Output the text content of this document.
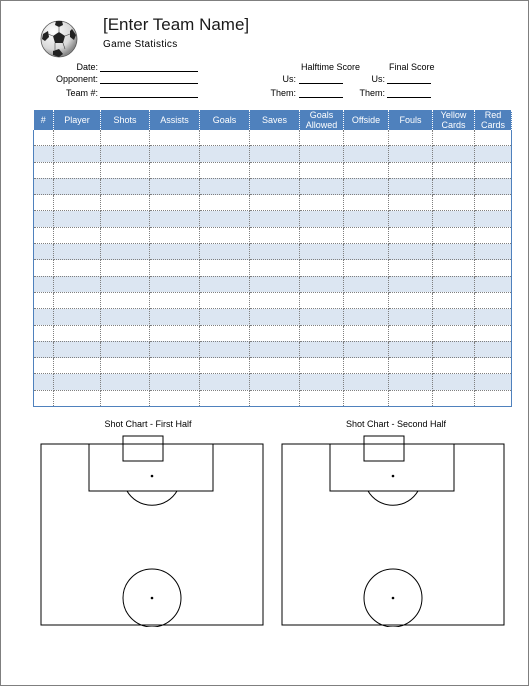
[Enter Team Name]
Game Statistics
Date:
Opponent:
Team #:
Halftime Score
Us:
Them:
Final Score
Us:
Them:
#	Player	Shots	Assists	Goals	Saves	Goals Allowed	Offside	Fouls	Yellow Cards	Red Cards

Shot Chart - First Half	Shot Chart - Second Half
